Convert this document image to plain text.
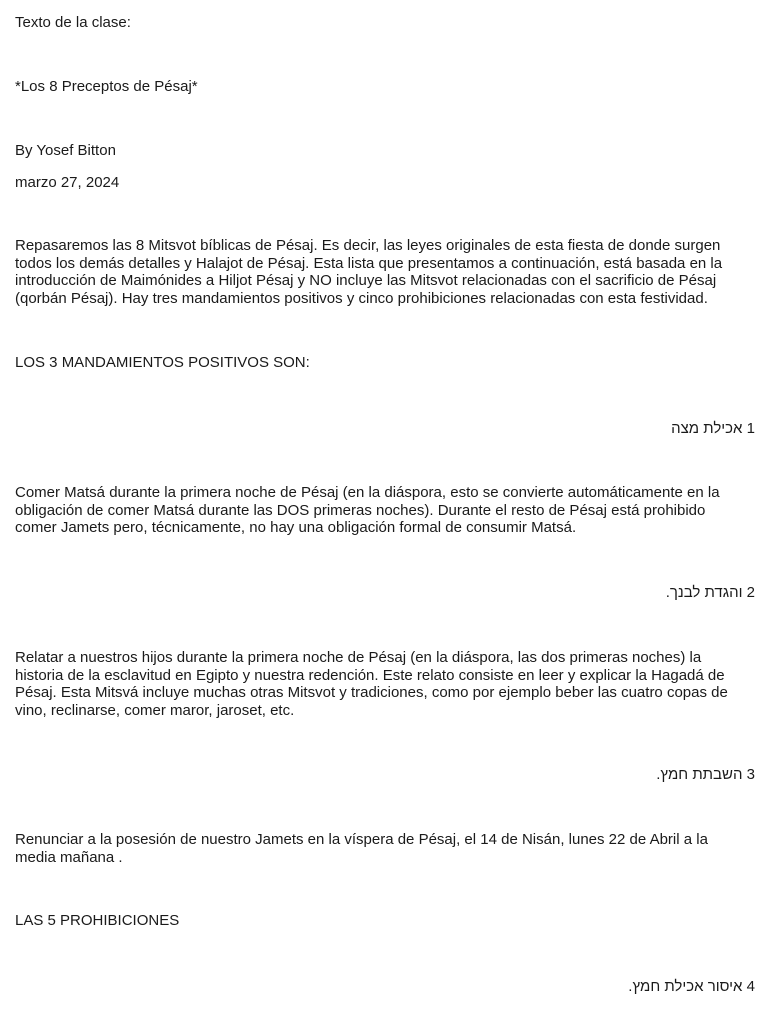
Texto de la clase:
*Los 8 Preceptos de Pésaj*
By Yosef Bitton
marzo 27, 2024
Repasaremos las 8 Mitsvot bíblicas de Pésaj. Es decir, las leyes originales de esta fiesta de donde surgen
todos los demás detalles y Halajot de Pésaj. Esta lista que presentamos a continuación, está basada en la
introducción de Maimónides a Hiljot Pésaj y NO incluye las Mitsvot relacionadas con el sacrificio de Pésaj
(qorbán Pésaj). Hay tres mandamientos positivos y cinco prohibiciones relacionadas con esta festividad.
LOS 3 MANDAMIENTOS POSITIVOS SON:
1 אכילת מצה
Comer Matsá durante la primera noche de Pésaj (en la diáspora, esto se convierte automáticamente en la
obligación de comer Matsá durante las DOS primeras noches). Durante el resto de Pésaj está prohibido
comer Jamets pero, técnicamente, no hay una obligación formal de consumir Matsá.
2 והגדת לבנך.
Relatar a nuestros hijos durante la primera noche de Pésaj (en la diáspora, las dos primeras noches) la
historia de la esclavitud en Egipto y nuestra redención. Este relato consiste en leer y explicar la Hagadá de
Pésaj. Esta Mitsvá incluye muchas otras Mitsvot y tradiciones, como por ejemplo beber las cuatro copas de
vino, reclinarse, comer maror, jaroset, etc.
3 השבתת חמץ.
Renunciar a la posesión de nuestro Jamets en la víspera de Pésaj, el 14 de Nisán, lunes 22 de Abril a la
media mañana .
LAS 5 PROHIBICIONES
4 איסור אכילת חמץ.
